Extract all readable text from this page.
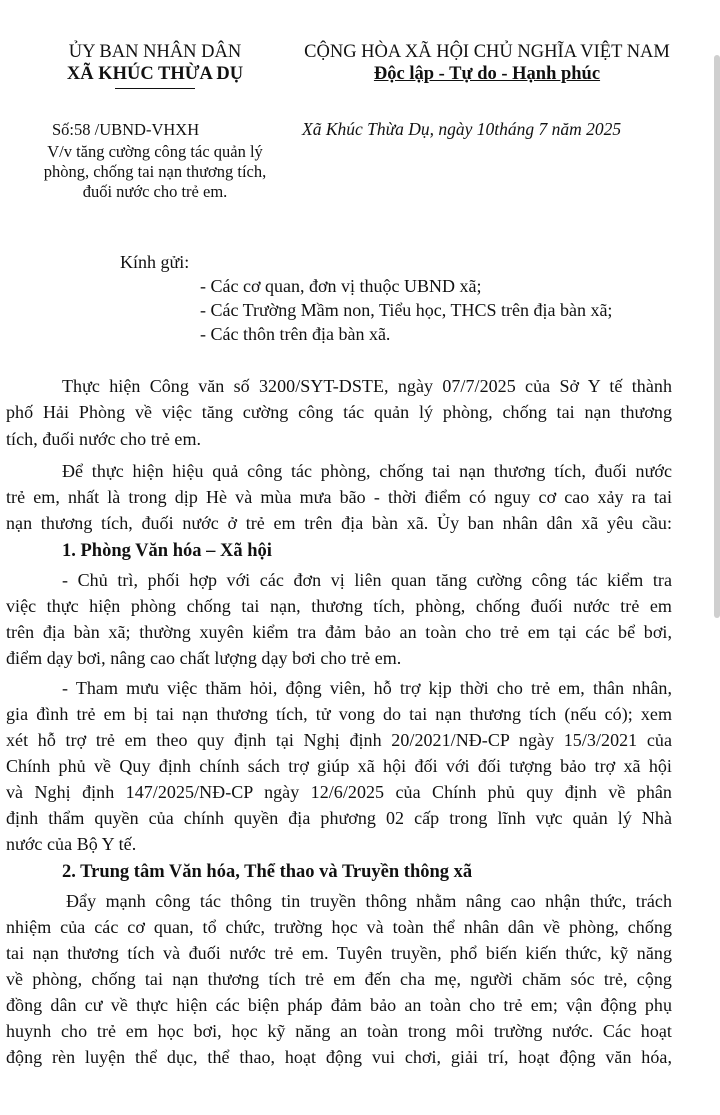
ỦY BAN NHÂN DÂN
XÃ KHÚC THỪA DỤ
CỘNG HÒA XÃ HỘI CHỦ NGHĨA VIỆT NAM
Độc lập - Tự do - Hạnh phúc
Số:58 /UBND-VHXH	Xã Khúc Thừa Dụ, ngày 10tháng 7 năm 2025
V/v tăng cường công tác quản lý
phòng, chống tai nạn thương tích,
đuối nước cho trẻ em.
Kính gửi:
- Các cơ quan, đơn vị thuộc UBND xã;
- Các Trường Mầm non, Tiểu học, THCS trên địa bàn xã;
- Các thôn trên địa bàn xã.
Thực hiện Công văn số 3200/SYT-DSTE, ngày 07/7/2025 của Sở Y tế thành
phố Hải Phòng về việc tăng cường công tác quản lý phòng, chống tai nạn thương
tích, đuối nước cho trẻ em.
Để thực hiện hiệu quả công tác phòng, chống tai nạn thương tích, đuối nước
trẻ em, nhất là trong dịp Hè và mùa mưa bão - thời điểm có nguy cơ cao xảy ra tai
nạn thương tích, đuối nước ở trẻ em trên địa bàn xã. Ủy ban nhân dân xã yêu cầu:
1. Phòng Văn hóa – Xã hội
- Chủ trì, phối hợp với các đơn vị liên quan tăng cường công tác kiểm tra
việc thực hiện phòng chống tai nạn, thương tích, phòng, chống đuối nước trẻ em
trên địa bàn xã; thường xuyên kiểm tra đảm bảo an toàn cho trẻ em tại các bể bơi,
điểm dạy bơi, nâng cao chất lượng dạy bơi cho trẻ em.
- Tham mưu việc thăm hỏi, động viên, hỗ trợ kịp thời cho trẻ em, thân nhân,
gia đình trẻ em bị tai nạn thương tích, tử vong do tai nạn thương tích (nếu có); xem
xét hỗ trợ trẻ em theo quy định tại Nghị định 20/2021/NĐ-CP ngày 15/3/2021 của
Chính phủ về Quy định chính sách trợ giúp xã hội đối với đối tượng bảo trợ xã hội
và Nghị định 147/2025/NĐ-CP ngày 12/6/2025 của Chính phủ quy định về phân
định thẩm quyền của chính quyền địa phương 02 cấp trong lĩnh vực quản lý Nhà
nước của Bộ Y tế.
2. Trung tâm Văn hóa, Thể thao và Truyền thông xã
Đẩy mạnh công tác thông tin truyền thông nhằm nâng cao nhận thức, trách
nhiệm của các cơ quan, tổ chức, trường học và toàn thể nhân dân về phòng, chống
tai nạn thương tích và đuối nước trẻ em. Tuyên truyền, phổ biến kiến thức, kỹ năng
về phòng, chống tai nạn thương tích trẻ em đến cha mẹ, người chăm sóc trẻ, cộng
đồng dân cư về thực hiện các biện pháp đảm bảo an toàn cho trẻ em; vận động phụ
huynh cho trẻ em học bơi, học kỹ năng an toàn trong môi trường nước. Các hoạt
động rèn luyện thể dục, thể thao, hoạt động vui chơi, giải trí, hoạt động văn hóa,
